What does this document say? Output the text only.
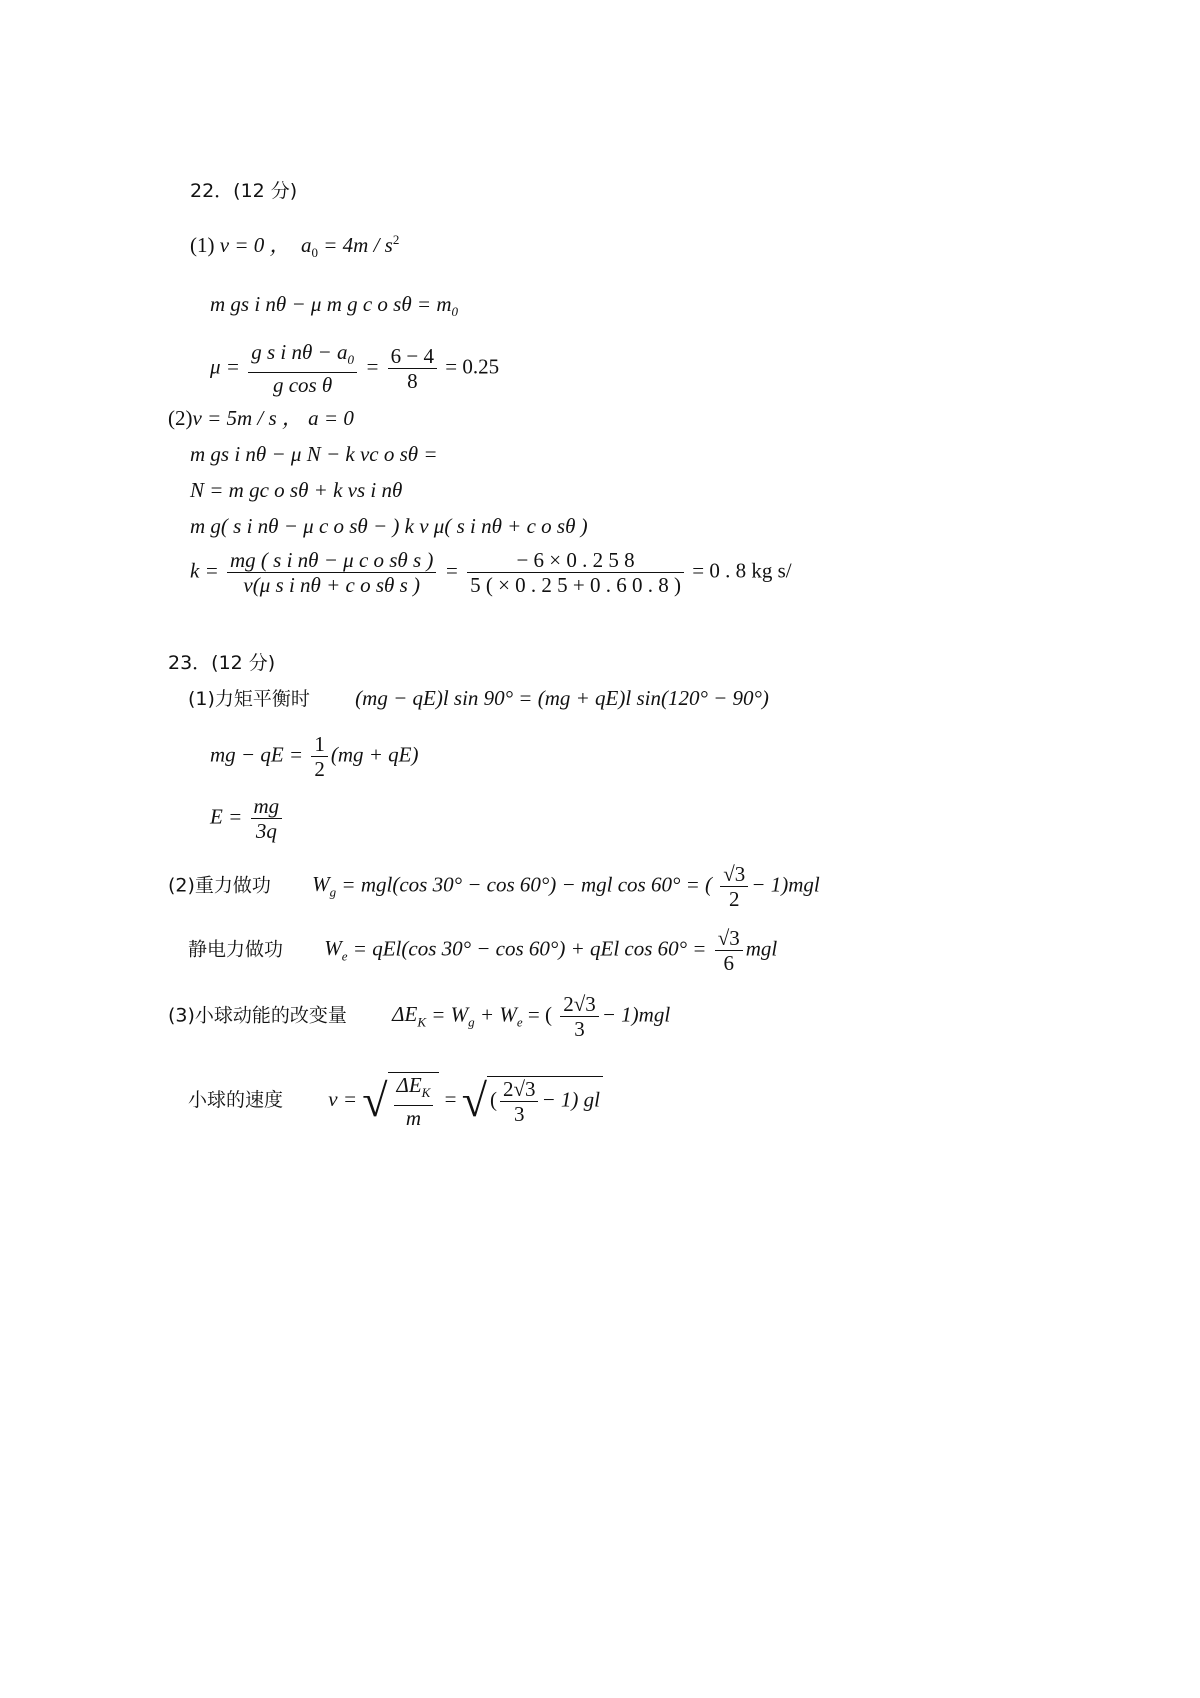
22．(12 分)
(1) v = 0 ， $a_0 = 4m / s^2$
m gs i nθ − μ m g c o $s\theta = m_0$
$\mu = \frac{g s i n\theta - a_0}{\text{g cos θ}} = \frac{6 - 4}{8} = 0.25$
(2)v = 5m / s ， a = 0
m gs i nθ − μ N − k vc o sθ =
N = m gc o sθ + k vs i nθ
m g( s i nθ − μ c o sθ − ) k v μ( s i nθ + c o sθ )
$k = \frac{\text{mg ( s i nθ − μ c o sθ s )}}{\text{v(μ s i nθ + c o sθ s )}} = \frac{- 6 \times 0 . 2 5 8}{5 ( \times 0 . 2 5 + 0 . 6 0 . 8 )} = 0$ . 8 kg s/
23．(12 分)
(1)力矩平衡时 (mg − qE)l sin 90° = (mg + qE)l sin(120° − 90°)
mg − qE = $\frac{1}{2} (mg + qE)$
$E = \frac{mg}{3q}$
(2)重力做功 $W_g = mgl(\cos$ 30° − cos 60°) − mgl cos 60° = ( $\frac{√3}{2} - 1)mgl$
静电力做功 $W_e = qEl(\cos$ 30° − cos 60°) + qEl $\cos 60^\circ = \frac{√3}{6}$ mgl
(3)小球动能的改变量 $\Delta E_K = W_g + W_e$ = ( $\frac{2√3}{3} - 1)mgl$
小球的速度 v = √ $\frac{\Delta E_K}{m}$ = √ ( $\frac{2√3}{3} - 1$) gl
